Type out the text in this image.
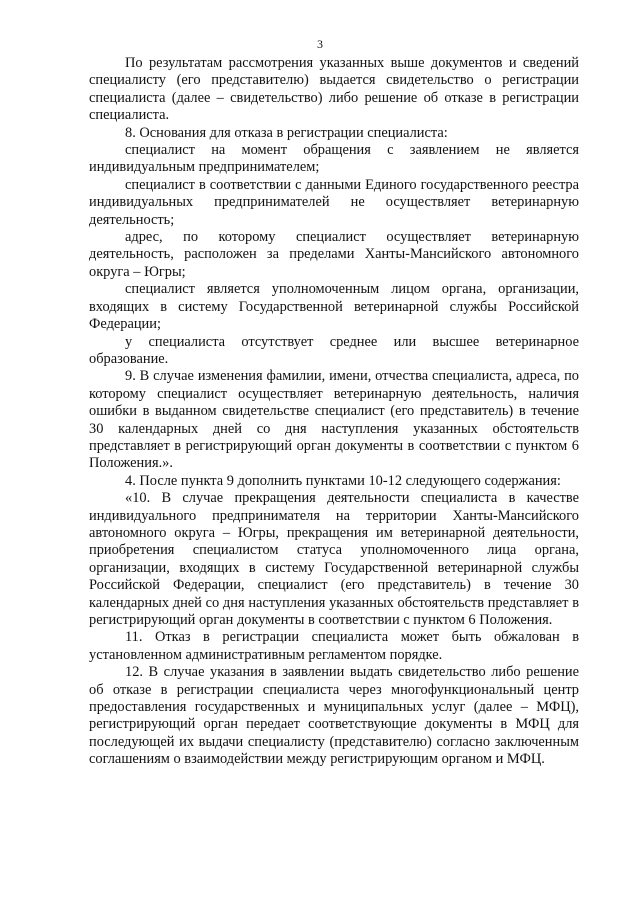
3

По результатам рассмотрения указанных выше документов и сведений специалисту (его представителю) выдается свидетельство о регистрации специалиста (далее – свидетельство) либо решение об отказе в регистрации специалиста.

8. Основания для отказа в регистрации специалиста:

специалист на момент обращения с заявлением не является индивидуальным предпринимателем;

специалист в соответствии с данными Единого государственного реестра индивидуальных предпринимателей не осуществляет ветеринарную деятельность;

адрес, по которому специалист осуществляет ветеринарную деятельность, расположен за пределами Ханты-Мансийского автономного округа – Югры;

специалист является уполномоченным лицом органа, организации, входящих в систему Государственной ветеринарной службы Российской Федерации;

у специалиста отсутствует среднее или высшее ветеринарное образование.

9. В случае изменения фамилии, имени, отчества специалиста, адреса, по которому специалист осуществляет ветеринарную деятельность, наличия ошибки в выданном свидетельстве специалист (его представитель) в течение 30 календарных дней со дня наступления указанных обстоятельств представляет в регистрирующий орган документы в соответствии с пунктом 6 Положения.».

4. После пункта 9 дополнить пунктами 10-12 следующего содержания:

«10. В случае прекращения деятельности специалиста в качестве индивидуального предпринимателя на территории Ханты-Мансийского автономного округа – Югры, прекращения им ветеринарной деятельности, приобретения специалистом статуса уполномоченного лица органа, организации, входящих в систему Государственной ветеринарной службы Российской Федерации, специалист (его представитель) в течение 30 календарных дней со дня наступления указанных обстоятельств представляет в регистрирующий орган документы в соответствии с пунктом 6 Положения.

11. Отказ в регистрации специалиста может быть обжалован в установленном административным регламентом порядке.

12. В случае указания в заявлении выдать свидетельство либо решение об отказе в регистрации специалиста через многофункциональный центр предоставления государственных и муниципальных услуг (далее – МФЦ), регистрирующий орган передает соответствующие документы в МФЦ для последующей их выдачи специалисту (представителю) согласно заключенным соглашениям о взаимодействии между регистрирующим органом и МФЦ.
